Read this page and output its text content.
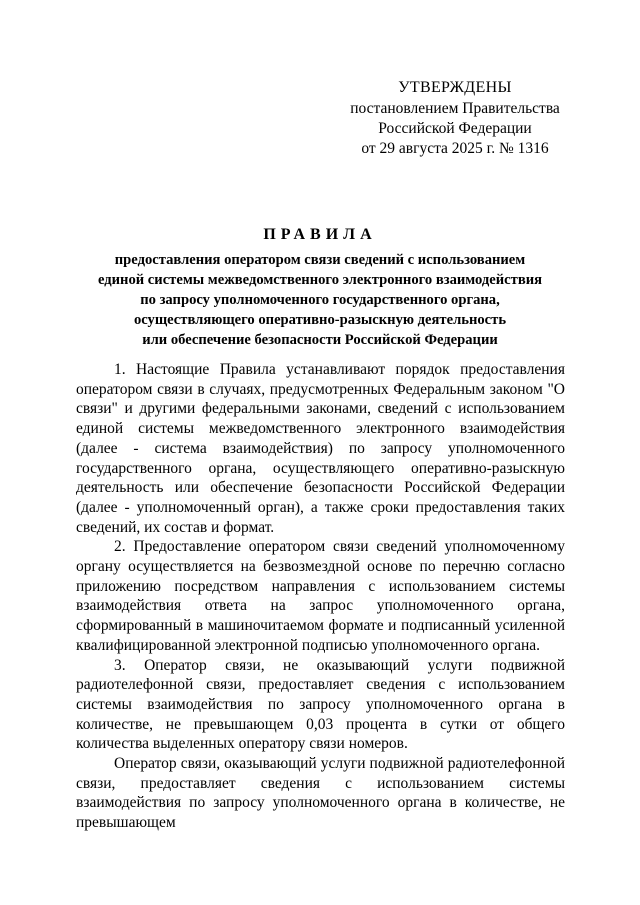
УТВЕРЖДЕНЫ
постановлением Правительства
Российской Федерации
от 29 августа 2025 г. № 1316
ПРАВИЛА
предоставления оператором связи сведений с использованием
единой системы межведомственного электронного взаимодействия
по запросу уполномоченного государственного органа,
осуществляющего оперативно-разыскную деятельность
или обеспечение безопасности Российской Федерации

1. Настоящие Правила устанавливают порядок предоставления оператором связи в случаях, предусмотренных Федеральным законом "О связи" и другими федеральными законами, сведений с использованием единой системы межведомственного электронного взаимодействия (далее - система взаимодействия) по запросу уполномоченного государственного органа, осуществляющего оперативно-разыскную деятельность или обеспечение безопасности Российской Федерации (далее - уполномоченный орган), а также сроки предоставления таких сведений, их состав и формат.

2. Предоставление оператором связи сведений уполномоченному органу осуществляется на безвозмездной основе по перечню согласно приложению посредством направления с использованием системы взаимодействия ответа на запрос уполномоченного органа, сформированный в машиночитаемом формате и подписанный усиленной квалифицированной электронной подписью уполномоченного органа.

3. Оператор связи, не оказывающий услуги подвижной радиотелефонной связи, предоставляет сведения с использованием системы взаимодействия по запросу уполномоченного органа в количестве, не превышающем 0,03 процента в сутки от общего количества выделенных оператору связи номеров.

Оператор связи, оказывающий услуги подвижной радиотелефонной связи, предоставляет сведения с использованием системы взаимодействия по запросу уполномоченного органа в количестве, не превышающем
